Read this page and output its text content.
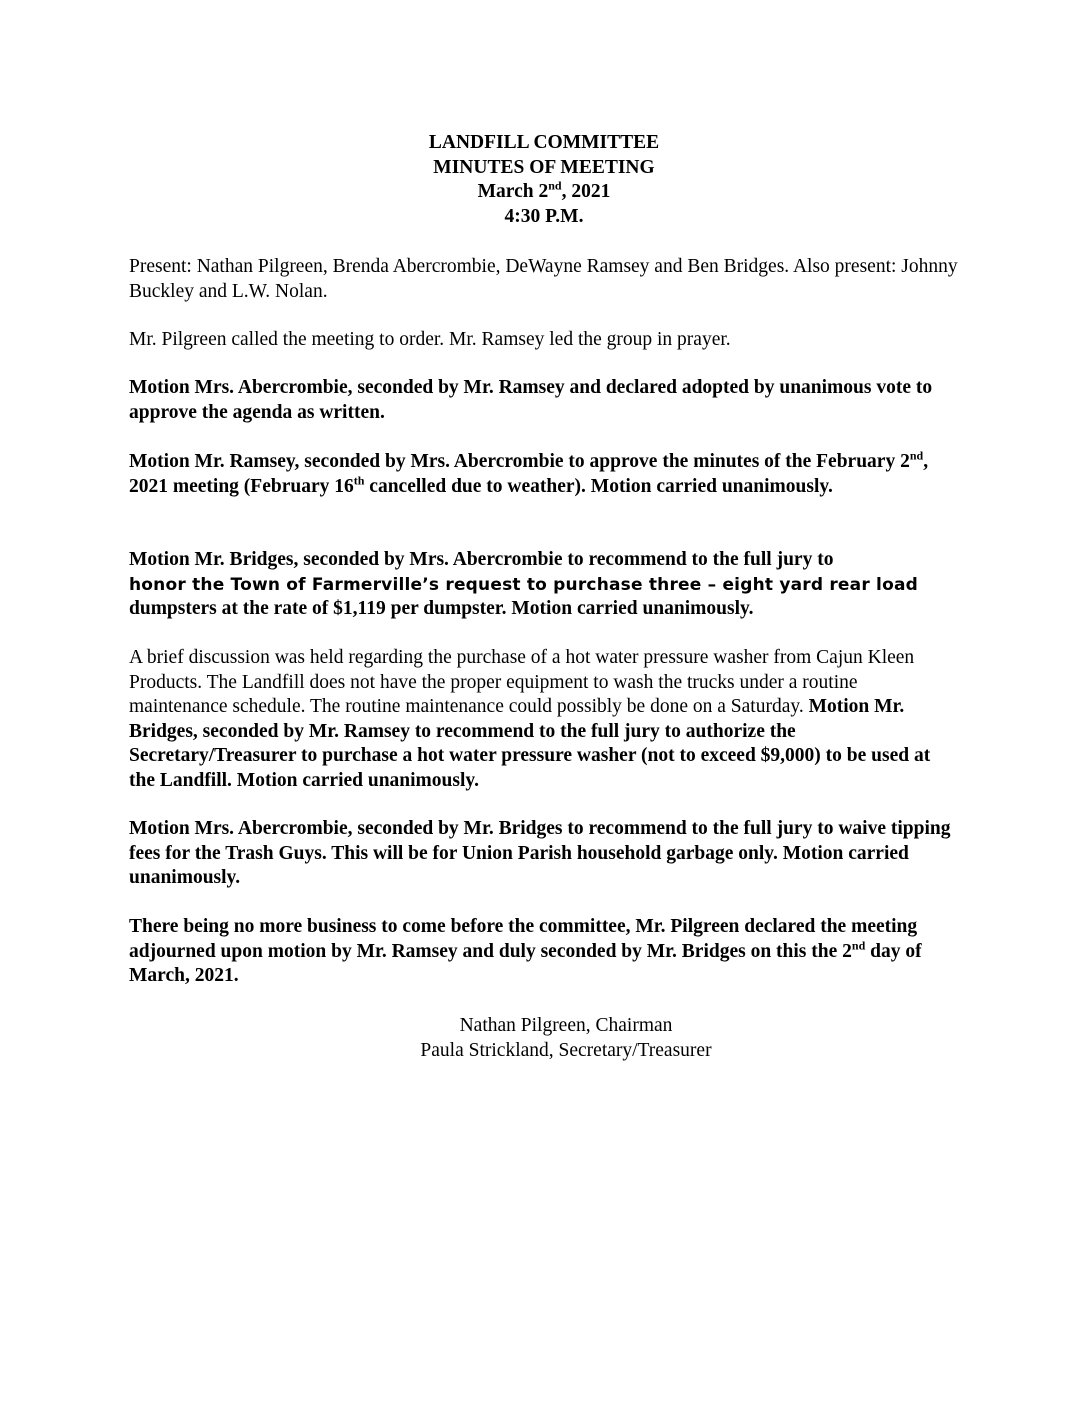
LANDFILL COMMITTEE
MINUTES OF MEETING
March 2nd, 2021
4:30 P.M.

Present: Nathan Pilgreen, Brenda Abercrombie, DeWayne Ramsey and Ben Bridges. Also present: Johnny Buckley and L.W. Nolan.

Mr. Pilgreen called the meeting to order. Mr. Ramsey led the group in prayer.

Motion Mrs. Abercrombie, seconded by Mr. Ramsey and declared adopted by unanimous vote to approve the agenda as written.

Motion Mr. Ramsey, seconded by Mrs. Abercrombie to approve the minutes of the February 2nd, 2021 meeting (February 16th cancelled due to weather). Motion carried unanimously.

Motion Mr. Bridges, seconded by Mrs. Abercrombie to recommend to the full jury to
honor the Town of Farmerville’s request to purchase three – eight yard rear load
dumpsters at the rate of $1,119 per dumpster. Motion carried unanimously.

A brief discussion was held regarding the purchase of a hot water pressure washer from Cajun Kleen Products. The Landfill does not have the proper equipment to wash the trucks under a routine maintenance schedule. The routine maintenance could possibly be done on a Saturday. Motion Mr. Bridges, seconded by Mr. Ramsey to recommend to the full jury to authorize the Secretary/Treasurer to purchase a hot water pressure washer (not to exceed $9,000) to be used at the Landfill. Motion carried unanimously.

Motion Mrs. Abercrombie, seconded by Mr. Bridges to recommend to the full jury to waive tipping fees for the Trash Guys. This will be for Union Parish household garbage only. Motion carried unanimously.

There being no more business to come before the committee, Mr. Pilgreen declared the meeting adjourned upon motion by Mr. Ramsey and duly seconded by Mr. Bridges on this the 2nd day of March, 2021.

Nathan Pilgreen, Chairman
Paula Strickland, Secretary/Treasurer
